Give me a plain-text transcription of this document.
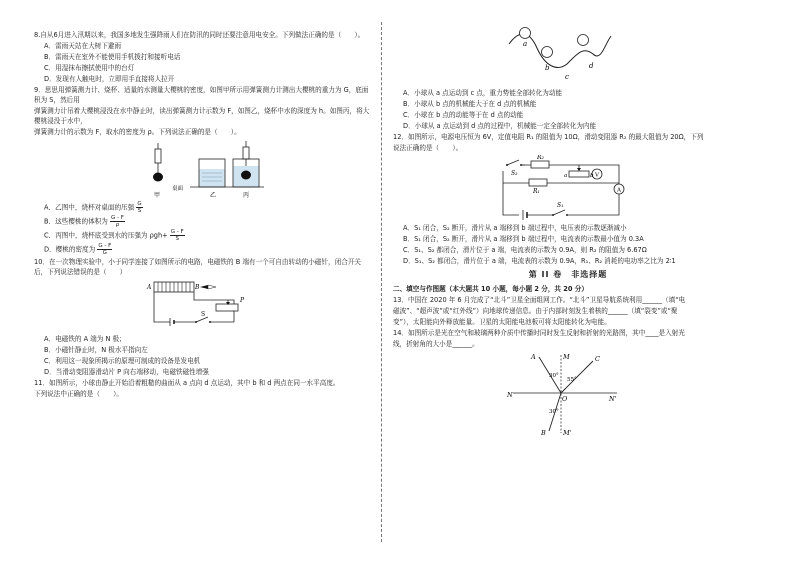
8.自从6月进入汛期以来，我国多地发生强降雨人们在防汛的同时还要注意用电安全。下列做法正确的是（　　）。

A．雷雨天站在大树下避雨

B．雷雨天在室外不能使用手机拨打和接听电话

C．用湿抹布擦拭使用中的台灯

D．发现有人触电时，立即用手直接将人拉开

9．思思用弹簧测力计、烧杯、适量的水测量大樱桃的密度，如图甲所示用弹簧测力计测出大樱桃的重力为 G，底面积为 S，然后用

弹簧测力计吊着大樱桃浸没在水中静止时，读出弹簧测力计示数为 F，如图乙，烧杯中水的深度为 h。如图丙，将大樱桃浸没于水中，

弹簧测力计的示数为 F，取水的密度为 ρ。下列说法正确的是（　　）。

甲
桌面
乙	丙

A．乙图中，烧杯对桌面的压强 $\frac{G}{S}$

B．这些樱桃的体积为 $\frac{G - F}{\rho}$

C．丙图中，烧杯底受到水的压强为 $\rho gh+ \frac{G - F}{S}$

D．樱桃的密度为 $\frac{G - F}{G}$

10．在一次物理实验中，小于同学连接了如图所示的电路，电磁铁的 B 端有一个可自由转动的小磁针，闭合开关后，下列说法错误的是（　　）

A	B
S
P

A．电磁铁的 A 端为 N 极；

B．小磁针静止时，N 极水平指向左

C．利用这一现象所揭示的原理可制成的设备是发电机

D．当滑动变阻器滑动片 P 向右端移动，电磁铁磁性增强

11．如图所示，小球由静止开始沿着粗糙的曲面从 a 点向 d 点运动，其中 b 和 d 两点在同一水平高度。

下列说法中正确的是（　　）。

a
b
c
d

A．小球从 a 点运动到 c 点，重力势能全部转化为动能

B．小球从 b 点的机械能大于在 d 点的机械能

C．小球在 b 点的动能等于在 d 点的动能

D．小球从 a 点运动到 d 点的过程中，机械能一定全部转化为内能

12．如图所示，电源电压恒为 6V，定值电阻 R₁ 的阻值为 10Ω，滑动变阻器 R₂ 的最大阻值为 20Ω，下列

说法正确的是（　　）。

S₂
R₂
R₁
S₁
a	b V
A

A．S₁ 闭合，S₂ 断开，滑片从 a 端移到 b 端过程中，电压表的示数逐渐减小

B．S₁ 闭合，S₂ 断开，滑片从 a 端移到 b 端过程中，电流表的示数最小值为 0.3A

C．S₁、S₂ 都闭合，滑片位于 a 端，电流表的示数为 0.9A，则 R₂ 的阻值为 6.67Ω

D．S₁、S₂ 都闭合，滑片位于 a 端，电流表的示数为 0.9A，R₁、R₂ 消耗的电功率之比为 2∶1

第 II 卷　非选择题

二、填空与作图题（本大题共 10 小题，每小题 2 分，共 20 分）

13．中国在 2020 年 6 月完成了“北斗”卫星全面组网工作。“北斗”卫星导航系统利用______（填“电

磁波”、“超声波”或“红外线”）向地球传递信息。由于内部时刻发生着核的______（填“裂变”或“聚

变”），太阳能向外释放能量。卫星的太阳能电池板可将太阳能转化为电能。

14．如图所示是光在空气和玻璃两种介质中传播时同时发生反射和折射的光路图，其中____是入射光

线，折射角的大小是______。

A	M	C
N	O	N'
B	M'
30°
55°
30°
